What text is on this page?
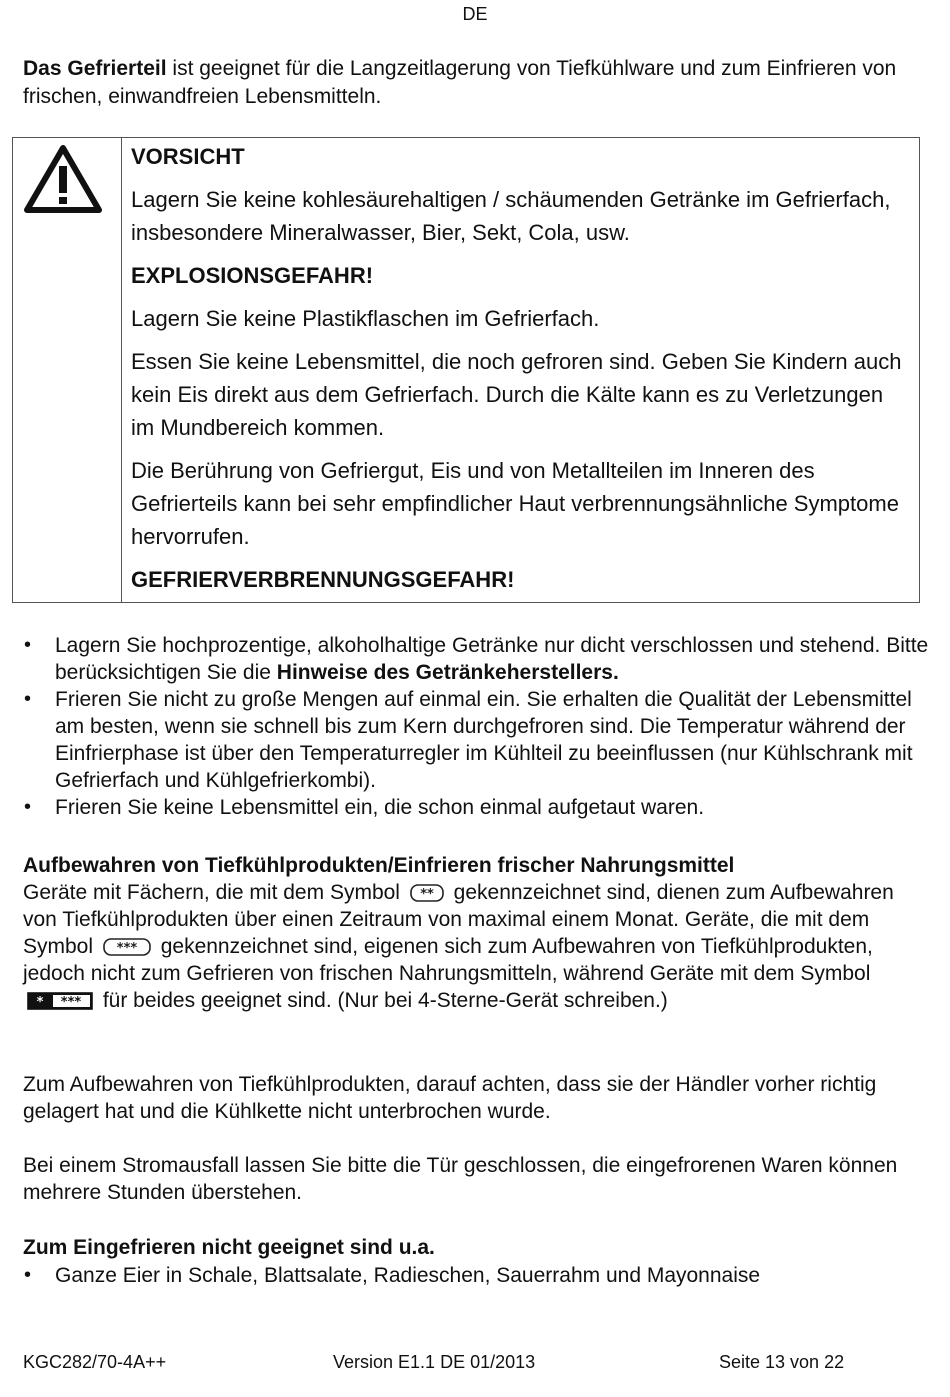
DE
Das Gefrierteil ist geeignet für die Langzeitlagerung von Tiefkühlware und zum Einfrieren von frischen, einwandfreien Lebensmitteln.

VORSICHT

Lagern Sie keine kohlesäurehaltigen / schäumenden Getränke im Gefrierfach, insbesondere Mineralwasser, Bier, Sekt, Cola, usw.

EXPLOSIONSGEFAHR!

Lagern Sie keine Plastikflaschen im Gefrierfach.

Essen Sie keine Lebensmittel, die noch gefroren sind. Geben Sie Kindern auch kein Eis direkt aus dem Gefrierfach. Durch die Kälte kann es zu Verletzungen im Mundbereich kommen.

Die Berührung von Gefriergut, Eis und von Metallteilen im Inneren des Gefrierteils kann bei sehr empfindlicher Haut verbrennungsähnliche Symptome hervorrufen.

GEFRIERVERBRENNUNGSGEFAHR!

• Lagern Sie hochprozentige, alkoholhaltige Getränke nur dicht verschlossen und stehend. Bitte berücksichtigen Sie die Hinweise des Getränkeherstellers.
• Frieren Sie nicht zu große Mengen auf einmal ein. Sie erhalten die Qualität der Lebensmittel am besten, wenn sie schnell bis zum Kern durchgefroren sind. Die Temperatur während der Einfrierphase ist über den Temperaturregler im Kühlteil zu beeinflussen (nur Kühlschrank mit Gefrierfach und Kühlgefrierkombi).
• Frieren Sie keine Lebensmittel ein, die schon einmal aufgetaut waren.
Aufbewahren von Tiefkühlprodukten/Einfrieren frischer Nahrungsmittel

Geräte mit Fächern, die mit dem Symbol ** gekennzeichnet sind, dienen zum Aufbewahren von Tiefkühlprodukten über einen Zeitraum von maximal einem Monat. Geräte, die mit dem Symbol *** gekennzeichnet sind, eigenen sich zum Aufbewahren von Tiefkühlprodukten, jedoch nicht zum Gefrieren von frischen Nahrungsmitteln, während Geräte mit dem Symbol
* *** für beides geeignet sind. (Nur bei 4-Sterne-Gerät schreiben.)

Zum Aufbewahren von Tiefkühlprodukten, darauf achten, dass sie der Händler vorher richtig gelagert hat und die Kühlkette nicht unterbrochen wurde.
Bei einem Stromausfall lassen Sie bitte die Tür geschlossen, die eingefrorenen Waren können mehrere Stunden überstehen.
Zum Eingefrieren nicht geeignet sind u.a.
• Ganze Eier in Schale, Blattsalate, Radieschen, Sauerrahm und Mayonnaise
KGC282/70-4A++	Version E1.1 DE 01/2013	Seite 13 von 22
